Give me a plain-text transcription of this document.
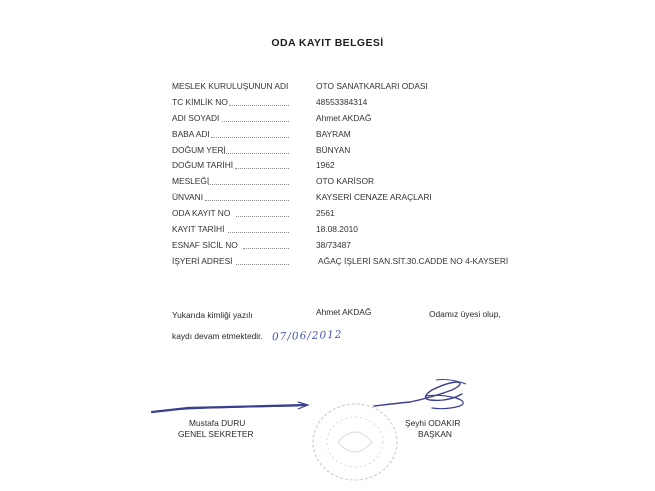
ODA KAYIT BELGESİ
MESLEK KURULUŞUNUN ADI	OTO SANATKARLARI ODASI
TC KİMLİK NO	48553384314
ADI SOYADI	Ahmet AKDAĞ
BABA ADI	BAYRAM
DOĞUM YERİ	BÜNYAN
DOĞUM TARİHİ	1962
MESLEĞİ	OTO KARİSOR
ÜNVANI	KAYSERİ CENAZE ARAÇLARI
ODA KAYIT NO	2561
KAYIT TARİHİ	18.08.2010
ESNAF SİCİL NO	38/73487
İŞYERİ ADRESİ	AĞAÇ İŞLERİ SAN.SİT.30.CADDE NO 4-KAYSERİ
Yukarıda kimliği yazılı	Ahmet AKDAĞ	Odamız üyesi olup,
kaydı devam etmektedir. 07/06/2012
Mustafa DURU
GENEL SEKRETER
Şeyhi ODAKIR
BAŞKAN
